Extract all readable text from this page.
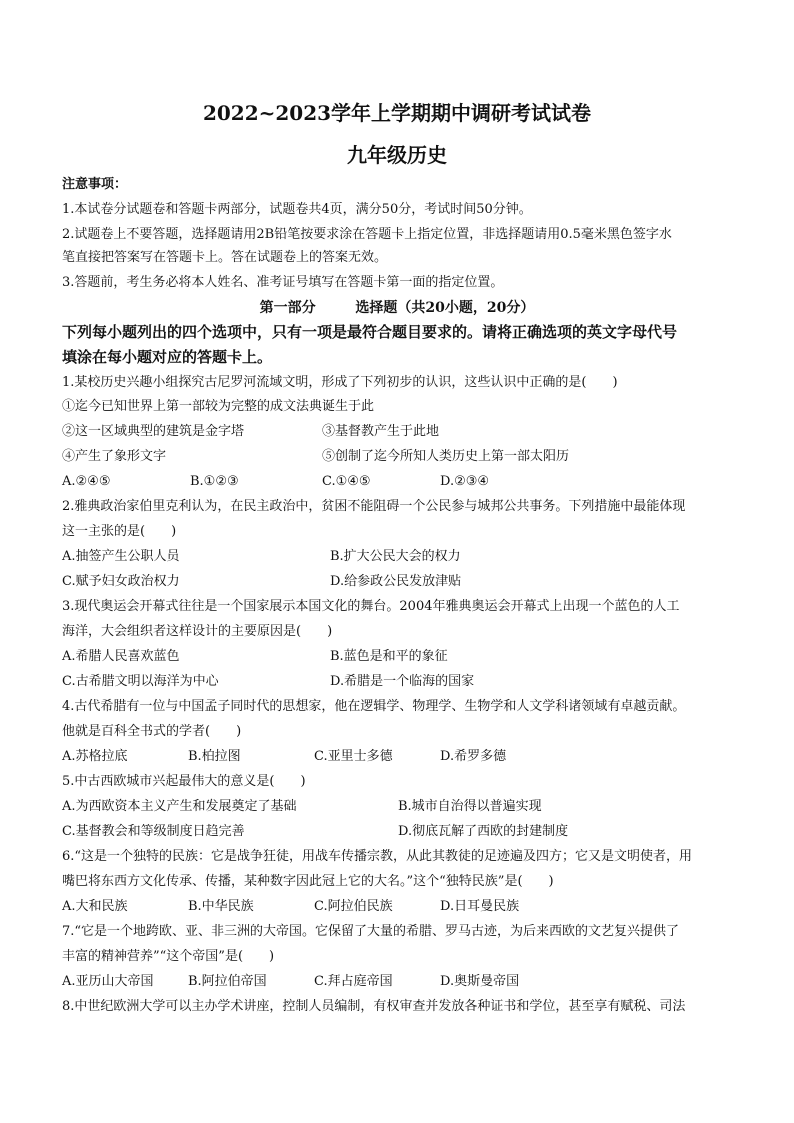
2022~2023学年上学期期中调研考试试卷
九年级历史
注意事项：
1.本试卷分试题卷和答题卡两部分，试题卷共4页，满分50分，考试时间50分钟。
2.试题卷上不要答题，选择题请用2B铅笔按要求涂在答题卡上指定位置，非选择题请用0.5毫米黑色签字水
笔直接把答案写在答题卡上。答在试题卷上的答案无效。
3.答题前，考生务必将本人姓名、准考证号填写在答题卡第一面的指定位置。
第一部分	选择题（共20小题，20分）
下列每小题列出的四个选项中，只有一项是最符合题目要求的。请将正确选项的英文字母代号
填涂在每小题对应的答题卡上。
1.某校历史兴趣小组探究古尼罗河流域文明，形成了下列初步的认识，这些认识中正确的是(　　)
①迄今已知世界上第一部较为完整的成文法典诞生于此
②这一区域典型的建筑是金字塔	③基督教产生于此地
④产生了象形文字	⑤创制了迄今所知人类历史上第一部太阳历
A.②④⑤	B.①②③	C.①④⑤	D.②③④
2.雅典政治家伯里克利认为，在民主政治中，贫困不能阻碍一个公民参与城邦公共事务。下列措施中最能体现
这一主张的是(　　)
A.抽签产生公职人员	B.扩大公民大会的权力
C.赋予妇女政治权力	D.给参政公民发放津贴
3.现代奥运会开幕式往往是一个国家展示本国文化的舞台。2004年雅典奥运会开幕式上出现一个蓝色的人工
海洋，大会组织者这样设计的主要原因是(　　)
A.希腊人民喜欢蓝色	B.蓝色是和平的象征
C.古希腊文明以海洋为中心	D.希腊是一个临海的国家
4.古代希腊有一位与中国孟子同时代的思想家，他在逻辑学、物理学、生物学和人文学科诸领域有卓越贡献。
他就是百科全书式的学者(　　)
A.苏格拉底	B.柏拉图	C.亚里士多德	D.希罗多德
5.中古西欧城市兴起最伟大的意义是(　　)
A.为西欧资本主义产生和发展奠定了基础	B.城市自治得以普遍实现
C.基督教会和等级制度日趋完善	D.彻底瓦解了西欧的封建制度
6.“这是一个独特的民族：它是战争狂徒，用战车传播宗教，从此其教徒的足迹遍及四方；它又是文明使者，用
嘴巴将东西方文化传承、传播，某种数字因此冠上它的大名。”这个“独特民族”是(　　)
A.大和民族	B.中华民族	C.阿拉伯民族	D.日耳曼民族
7.“它是一个地跨欧、亚、非三洲的大帝国。它保留了大量的希腊、罗马古迹，为后来西欧的文艺复兴提供了
丰富的精神营养”“这个帝国”是(　　)
A.亚历山大帝国	B.阿拉伯帝国	C.拜占庭帝国	D.奥斯曼帝国
8.中世纪欧洲大学可以主办学术讲座，控制人员编制，有权审查并发放各种证书和学位，甚至享有赋税、司法
